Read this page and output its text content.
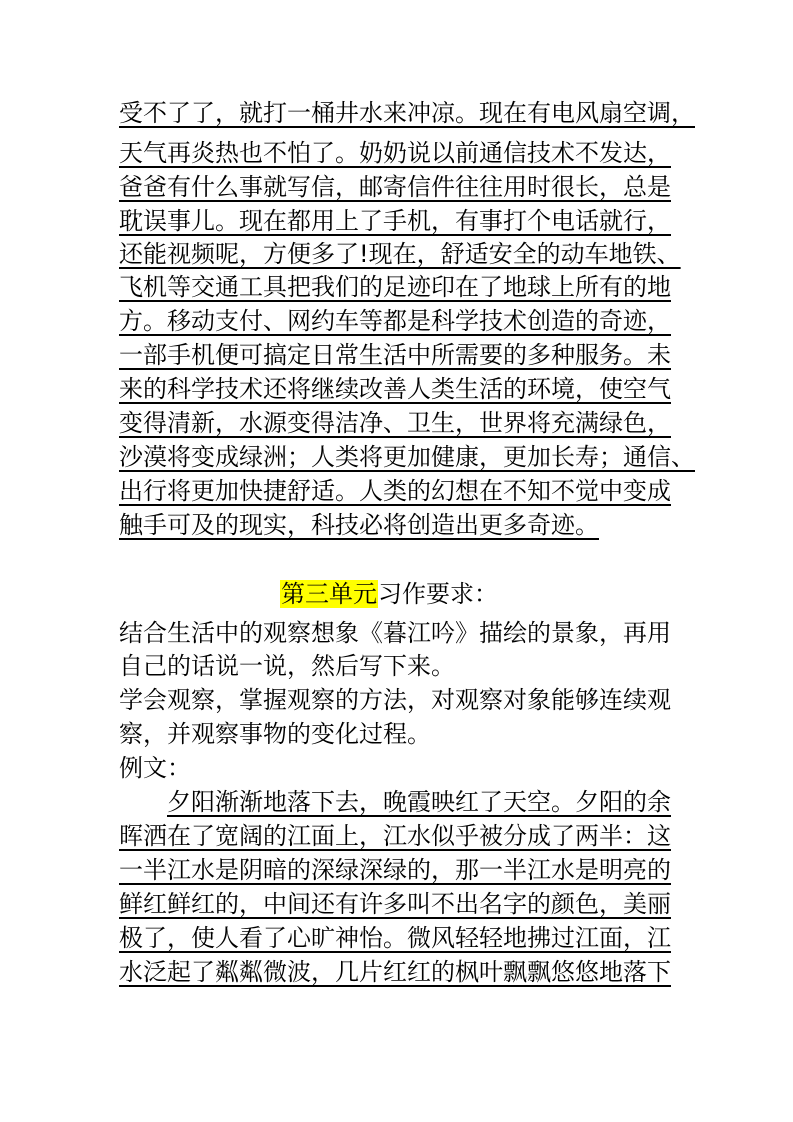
受不了了，就打一桶井水来冲凉。现在有电风扇空调，
天气再炎热也不怕了。奶奶说以前通信技术不发达，
爸爸有什么事就写信，邮寄信件往往用时很长，总是
耽误事儿。现在都用上了手机，有事打个电话就行，
还能视频呢，方便多了!现在，舒适安全的动车地铁、
飞机等交通工具把我们的足迹印在了地球上所有的地
方。移动支付、网约车等都是科学技术创造的奇迹，
一部手机便可搞定日常生活中所需要的多种服务。未
来的科学技术还将继续改善人类生活的环境，使空气
变得清新，水源变得洁净、卫生，世界将充满绿色，
沙漠将变成绿洲；人类将更加健康，更加长寿；通信、
出行将更加快捷舒适。人类的幻想在不知不觉中变成
触手可及的现实，科技必将创造出更多奇迹。
第三单元习作要求：
结合生活中的观察想象《暮江吟》描绘的景象，再用
自己的话说一说，然后写下来。
学会观察，掌握观察的方法，对观察对象能够连续观
察，并观察事物的变化过程。
例文：
夕阳渐渐地落下去，晚霞映红了天空。夕阳的余
晖洒在了宽阔的江面上，江水似乎被分成了两半：这
一半江水是阴暗的深绿深绿的，那一半江水是明亮的
鲜红鲜红的，中间还有许多叫不出名字的颜色，美丽
极了，使人看了心旷神怡。微风轻轻地拂过江面，江
水泛起了粼粼微波，几片红红的枫叶飘飘悠悠地落下
